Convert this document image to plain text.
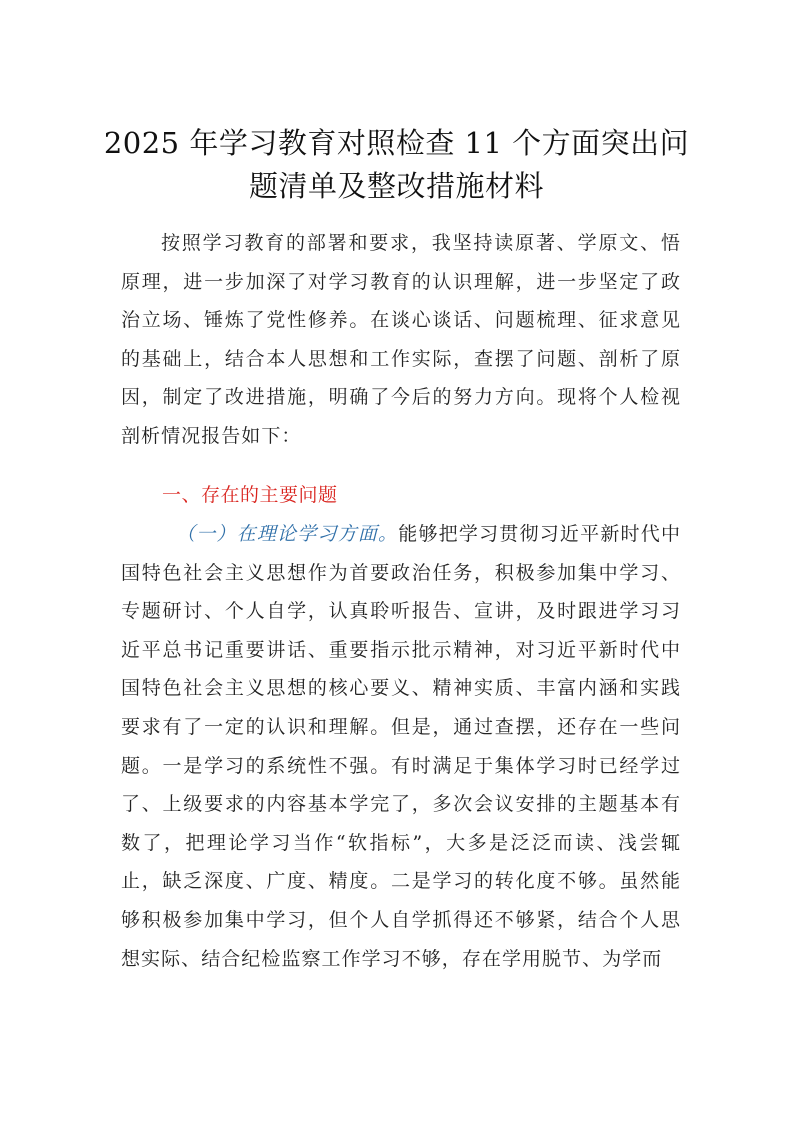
2025 年学习教育对照检查 11 个方面突出问
题清单及整改措施材料

按照学习教育的部署和要求，我坚持读原著、学原文、悟原理，进一步加深了对学习教育的认识理解，进一步坚定了政治立场、锤炼了党性修养。在谈心谈话、问题梳理、征求意见的基础上，结合本人思想和工作实际，查摆了问题、剖析了原因，制定了改进措施，明确了今后的努力方向。现将个人检视剖析情况报告如下：

一、存在的主要问题

（一）在理论学习方面。能够把学习贯彻习近平新时代中国特色社会主义思想作为首要政治任务，积极参加集中学习、专题研讨、个人自学，认真聆听报告、宣讲，及时跟进学习习近平总书记重要讲话、重要指示批示精神，对习近平新时代中国特色社会主义思想的核心要义、精神实质、丰富内涵和实践要求有了一定的认识和理解。但是，通过查摆，还存在一些问题。一是学习的系统性不强。有时满足于集体学习时已经学过了、上级要求的内容基本学完了，多次会议安排的主题基本有数了，把理论学习当作“软指标”，大多是泛泛而读、浅尝辄止，缺乏深度、广度、精度。二是学习的转化度不够。虽然能够积极参加集中学习，但个人自学抓得还不够紧，结合个人思想实际、结合纪检监察工作学习不够，存在学用脱节、为学而
